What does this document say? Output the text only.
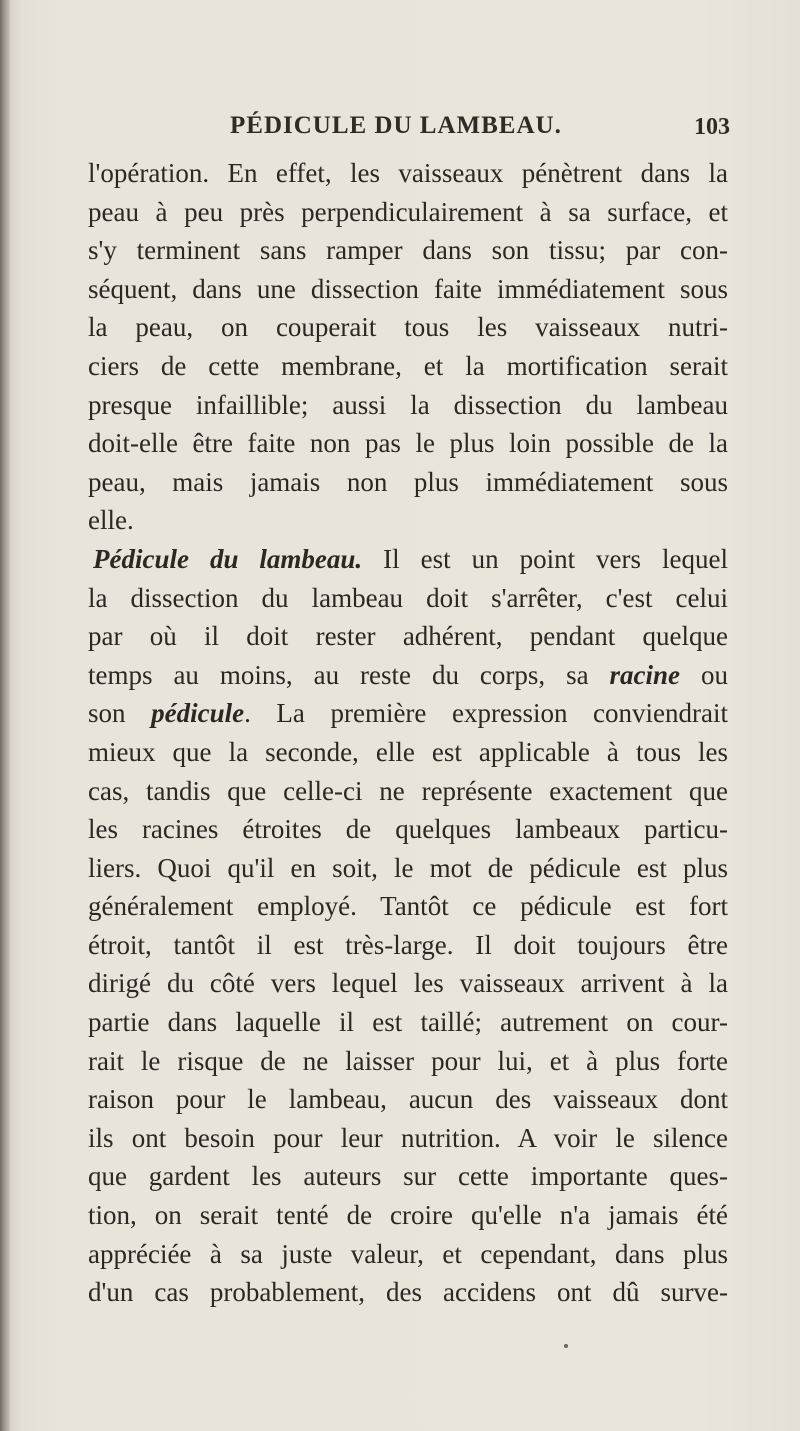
PÉDICULE DU LAMBEAU.	103
l'opération. En effet, les vaisseaux pénètrent dans la
peau à peu près perpendiculairement à sa surface, et
s'y terminent sans ramper dans son tissu; par con-
séquent, dans une dissection faite immédiatement sous
la peau, on couperait tous les vaisseaux nutri-
ciers de cette membrane, et la mortification serait
presque infaillible; aussi la dissection du lambeau
doit-elle être faite non pas le plus loin possible de la
peau, mais jamais non plus immédiatement sous
elle.
Pédicule du lambeau. Il est un point vers lequel
la dissection du lambeau doit s'arrêter, c'est celui
par où il doit rester adhérent, pendant quelque
temps au moins, au reste du corps, sa racine ou
son pédicule. La première expression conviendrait
mieux que la seconde, elle est applicable à tous les
cas, tandis que celle-ci ne représente exactement que
les racines étroites de quelques lambeaux particu-
liers. Quoi qu'il en soit, le mot de pédicule est plus
généralement employé. Tantôt ce pédicule est fort
étroit, tantôt il est très-large. Il doit toujours être
dirigé du côté vers lequel les vaisseaux arrivent à la
partie dans laquelle il est taillé; autrement on cour-
rait le risque de ne laisser pour lui, et à plus forte
raison pour le lambeau, aucun des vaisseaux dont
ils ont besoin pour leur nutrition. A voir le silence
que gardent les auteurs sur cette importante ques-
tion, on serait tenté de croire qu'elle n'a jamais été
appréciée à sa juste valeur, et cependant, dans plus
d'un cas probablement, des accidens ont dû surve-
